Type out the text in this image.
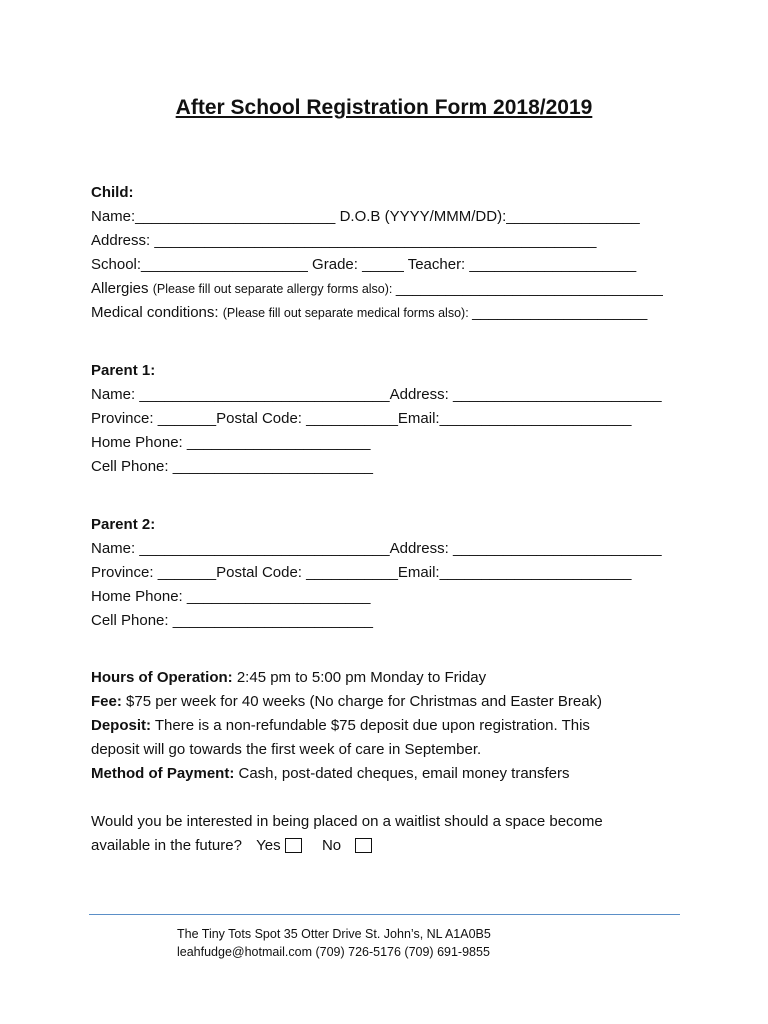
After School Registration Form 2018/2019
Child:
Name:________________________ D.O.B (YYYY/MMM/DD):________________
Address: _____________________________________________________
School:____________________ Grade: _____ Teacher: ____________________
Allergies (Please fill out separate allergy forms also): ________________________________
Medical conditions: (Please fill out separate medical forms also): _____________________
Parent 1:
Name: ______________________________Address: _________________________
Province: _______Postal Code: ___________Email:_______________________
Home Phone: ______________________
Cell Phone: ________________________
Parent 2:
Name: ______________________________Address: _________________________
Province: _______Postal Code: ___________Email:_______________________
Home Phone: ______________________
Cell Phone: ________________________
Hours of Operation: 2:45 pm to 5:00 pm Monday to Friday
Fee: $75 per week for 40 weeks (No charge for Christmas and Easter Break)
Deposit: There is a non-refundable $75 deposit due upon registration. This
deposit will go towards the first week of care in September.
Method of Payment: Cash, post-dated cheques, email money transfers
Would you be interested in being placed on a waitlist should a space become
available in the future? Yes	No
The Tiny Tots Spot 35 Otter Drive St. John’s, NL A1A0B5
leahfudge@hotmail.com (709) 726-5176 (709) 691-9855
